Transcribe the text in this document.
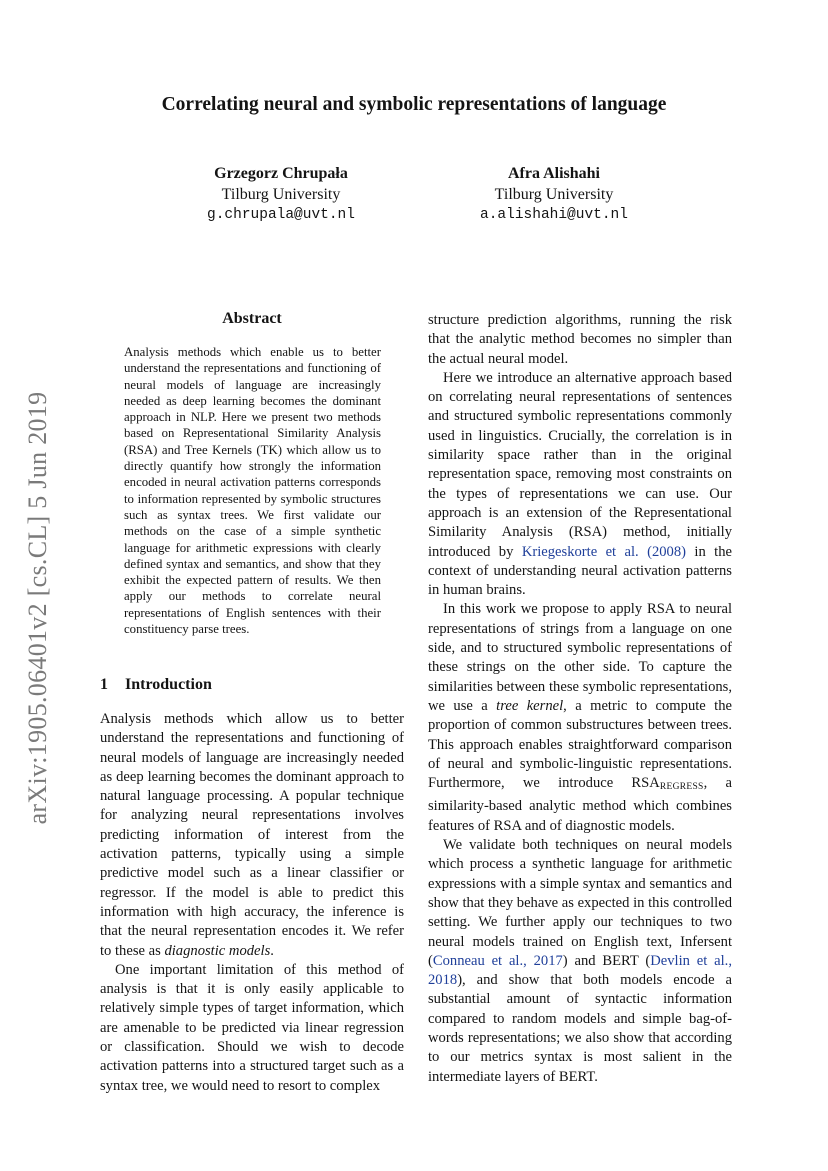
Correlating neural and symbolic representations of language
Grzegorz Chrupała
Tilburg University
g.chrupala@uvt.nl
Afra Alishahi
Tilburg University
a.alishahi@uvt.nl
arXiv:1905.06401v2 [cs.CL] 5 Jun 2019
Abstract
Analysis methods which enable us to better understand the representations and functioning of neural models of language are increasingly needed as deep learning becomes the dominant approach in NLP. Here we present two methods based on Representational Similarity Analysis (RSA) and Tree Kernels (TK) which allow us to directly quantify how strongly the information encoded in neural activation patterns corresponds to information represented by symbolic structures such as syntax trees. We first validate our methods on the case of a simple synthetic language for arithmetic expressions with clearly defined syntax and semantics, and show that they exhibit the expected pattern of results. We then apply our methods to correlate neural representations of English sentences with their constituency parse trees.
1 Introduction

Analysis methods which allow us to better understand the representations and functioning of neural models of language are increasingly needed as deep learning becomes the dominant approach to natural language processing. A popular technique for analyzing neural representations involves predicting information of interest from the activation patterns, typically using a simple predictive model such as a linear classifier or regressor. If the model is able to predict this information with high accuracy, the inference is that the neural representation encodes it. We refer to these as diagnostic models.

One important limitation of this method of analysis is that it is only easily applicable to relatively simple types of target information, which are amenable to be predicted via linear regression or classification. Should we wish to decode activation patterns into a structured target such as a syntax tree, we would need to resort to complex

structure prediction algorithms, running the risk that the analytic method becomes no simpler than the actual neural model.

Here we introduce an alternative approach based on correlating neural representations of sentences and structured symbolic representations commonly used in linguistics. Crucially, the correlation is in similarity space rather than in the original representation space, removing most constraints on the types of representations we can use. Our approach is an extension of the Representational Similarity Analysis (RSA) method, initially introduced by Kriegeskorte et al. (2008) in the context of understanding neural activation patterns in human brains.

In this work we propose to apply RSA to neural representations of strings from a language on one side, and to structured symbolic representations of these strings on the other side. To capture the similarities between these symbolic representations, we use a tree kernel, a metric to compute the proportion of common substructures between trees. This approach enables straightforward comparison of neural and symbolic-linguistic representations. Furthermore, we introduce RSAREGRESS, a similarity-based analytic method which combines features of RSA and of diagnostic models.

We validate both techniques on neural models which process a synthetic language for arithmetic expressions with a simple syntax and semantics and show that they behave as expected in this controlled setting. We further apply our techniques to two neural models trained on English text, Infersent (Conneau et al., 2017) and BERT (Devlin et al., 2018), and show that both models encode a substantial amount of syntactic information compared to random models and simple bag-of-words representations; we also show that according to our metrics syntax is most salient in the intermediate layers of BERT.
